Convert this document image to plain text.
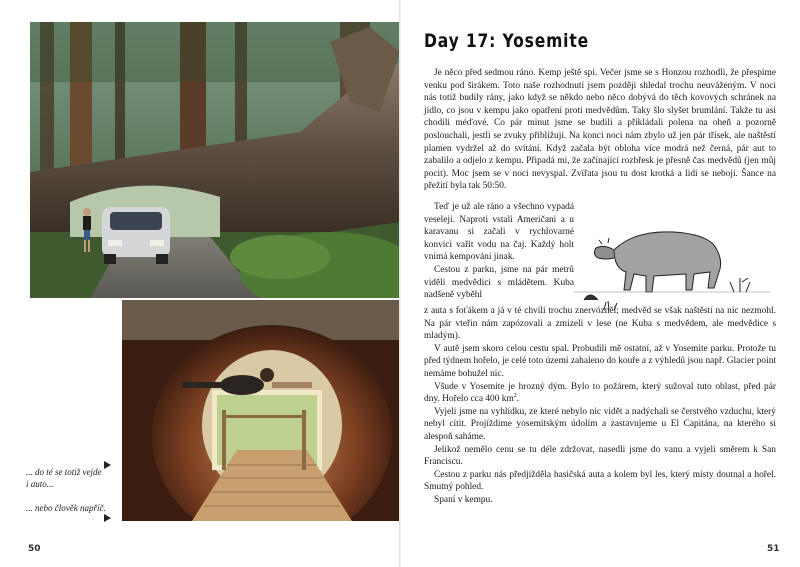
... do té se totiž vejde i auto...
... nebo člověk napříč.
50
Day 17: Yosemite

Je něco před sedmou ráno. Kemp ještě spí. Večer jsme se s Honzou rozhodli, že přespíme venku pod širákem. Toto naše rozhodnutí jsem později shledal trochu neuváženým. V noci nás totiž budily rány, jako když se někdo nebo něco dobývá do těch kovových schránek na jídlo, co jsou v kempu jako opatření proti medvědům. Taky šlo slyšet brumlání. Takže tu asi chodili méďové. Co pár minut jsme se budili a přikládali polena na oheň a pozorně poslouchali, jestli se zvuky přibližují. Na konci noci nám zbylo už jen pár třísek, ale naštěstí plamen vydržel až do svítání. Když začala být obloha více modrá než černá, pár aut to zabalilo a odjelo z kempu. Připadá mi, že začínající rozbřesk je přesně čas medvědů (jen můj pocit). Moc jsem se v noci nevyspal. Zvířata jsou tu dost krotká a lidí se nebojí. Šance na přežití byla tak 50:50.

Teď je už ale ráno a všechno vypadá veseleji. Naproti vstali Američani a u karavanu si začali v rychlovarné konvici vařit vodu na čaj. Každý holt vnímá kempování jinak.

Cestou z parku, jsme na pár metrů viděli medvědici s mládětem. Kuba nadšeně vyběhl

z auta s foťákem a já v té chvíli trochu znervózněl; medvěd se však naštěstí na nic nezmohl. Na pár vteřin nám zapózovali a zmizeli v lese (ne Kuba s medvědem, ale medvědice s mladým).

V autě jsem skoro celou cestu spal. Probudili mě ostatní, až v Yosemite parku. Protože tu před týdnem hořelo, je celé toto území zahaleno do kouře a z výhledů jsou např. Glacier point nemáme bohužel nic.

Všude v Yosemite je hrozný dým. Bylo to požárem, který sužoval tuto oblast, před pár dny. Hořelo cca 400 $km^2$.

Vyjeli jsme na vyhlídku, ze které nebylo nic vidět a nadýchali se čerstvého vzduchu, který nebyl cítit. Projíždíme yosemitským údolím a zastavujeme u El Capitána, na kterého si alespoň saháme.

Jelikož nemělo cenu se tu déle zdržovat, nasedli jsme do vanu a vyjeli směrem k San Franciscu.

Cestou z parku nás předjížděla hasičská auta a kolem byl les, který místy doutnal a hořel. Smutný pohled.

Spaní v kempu.

51
